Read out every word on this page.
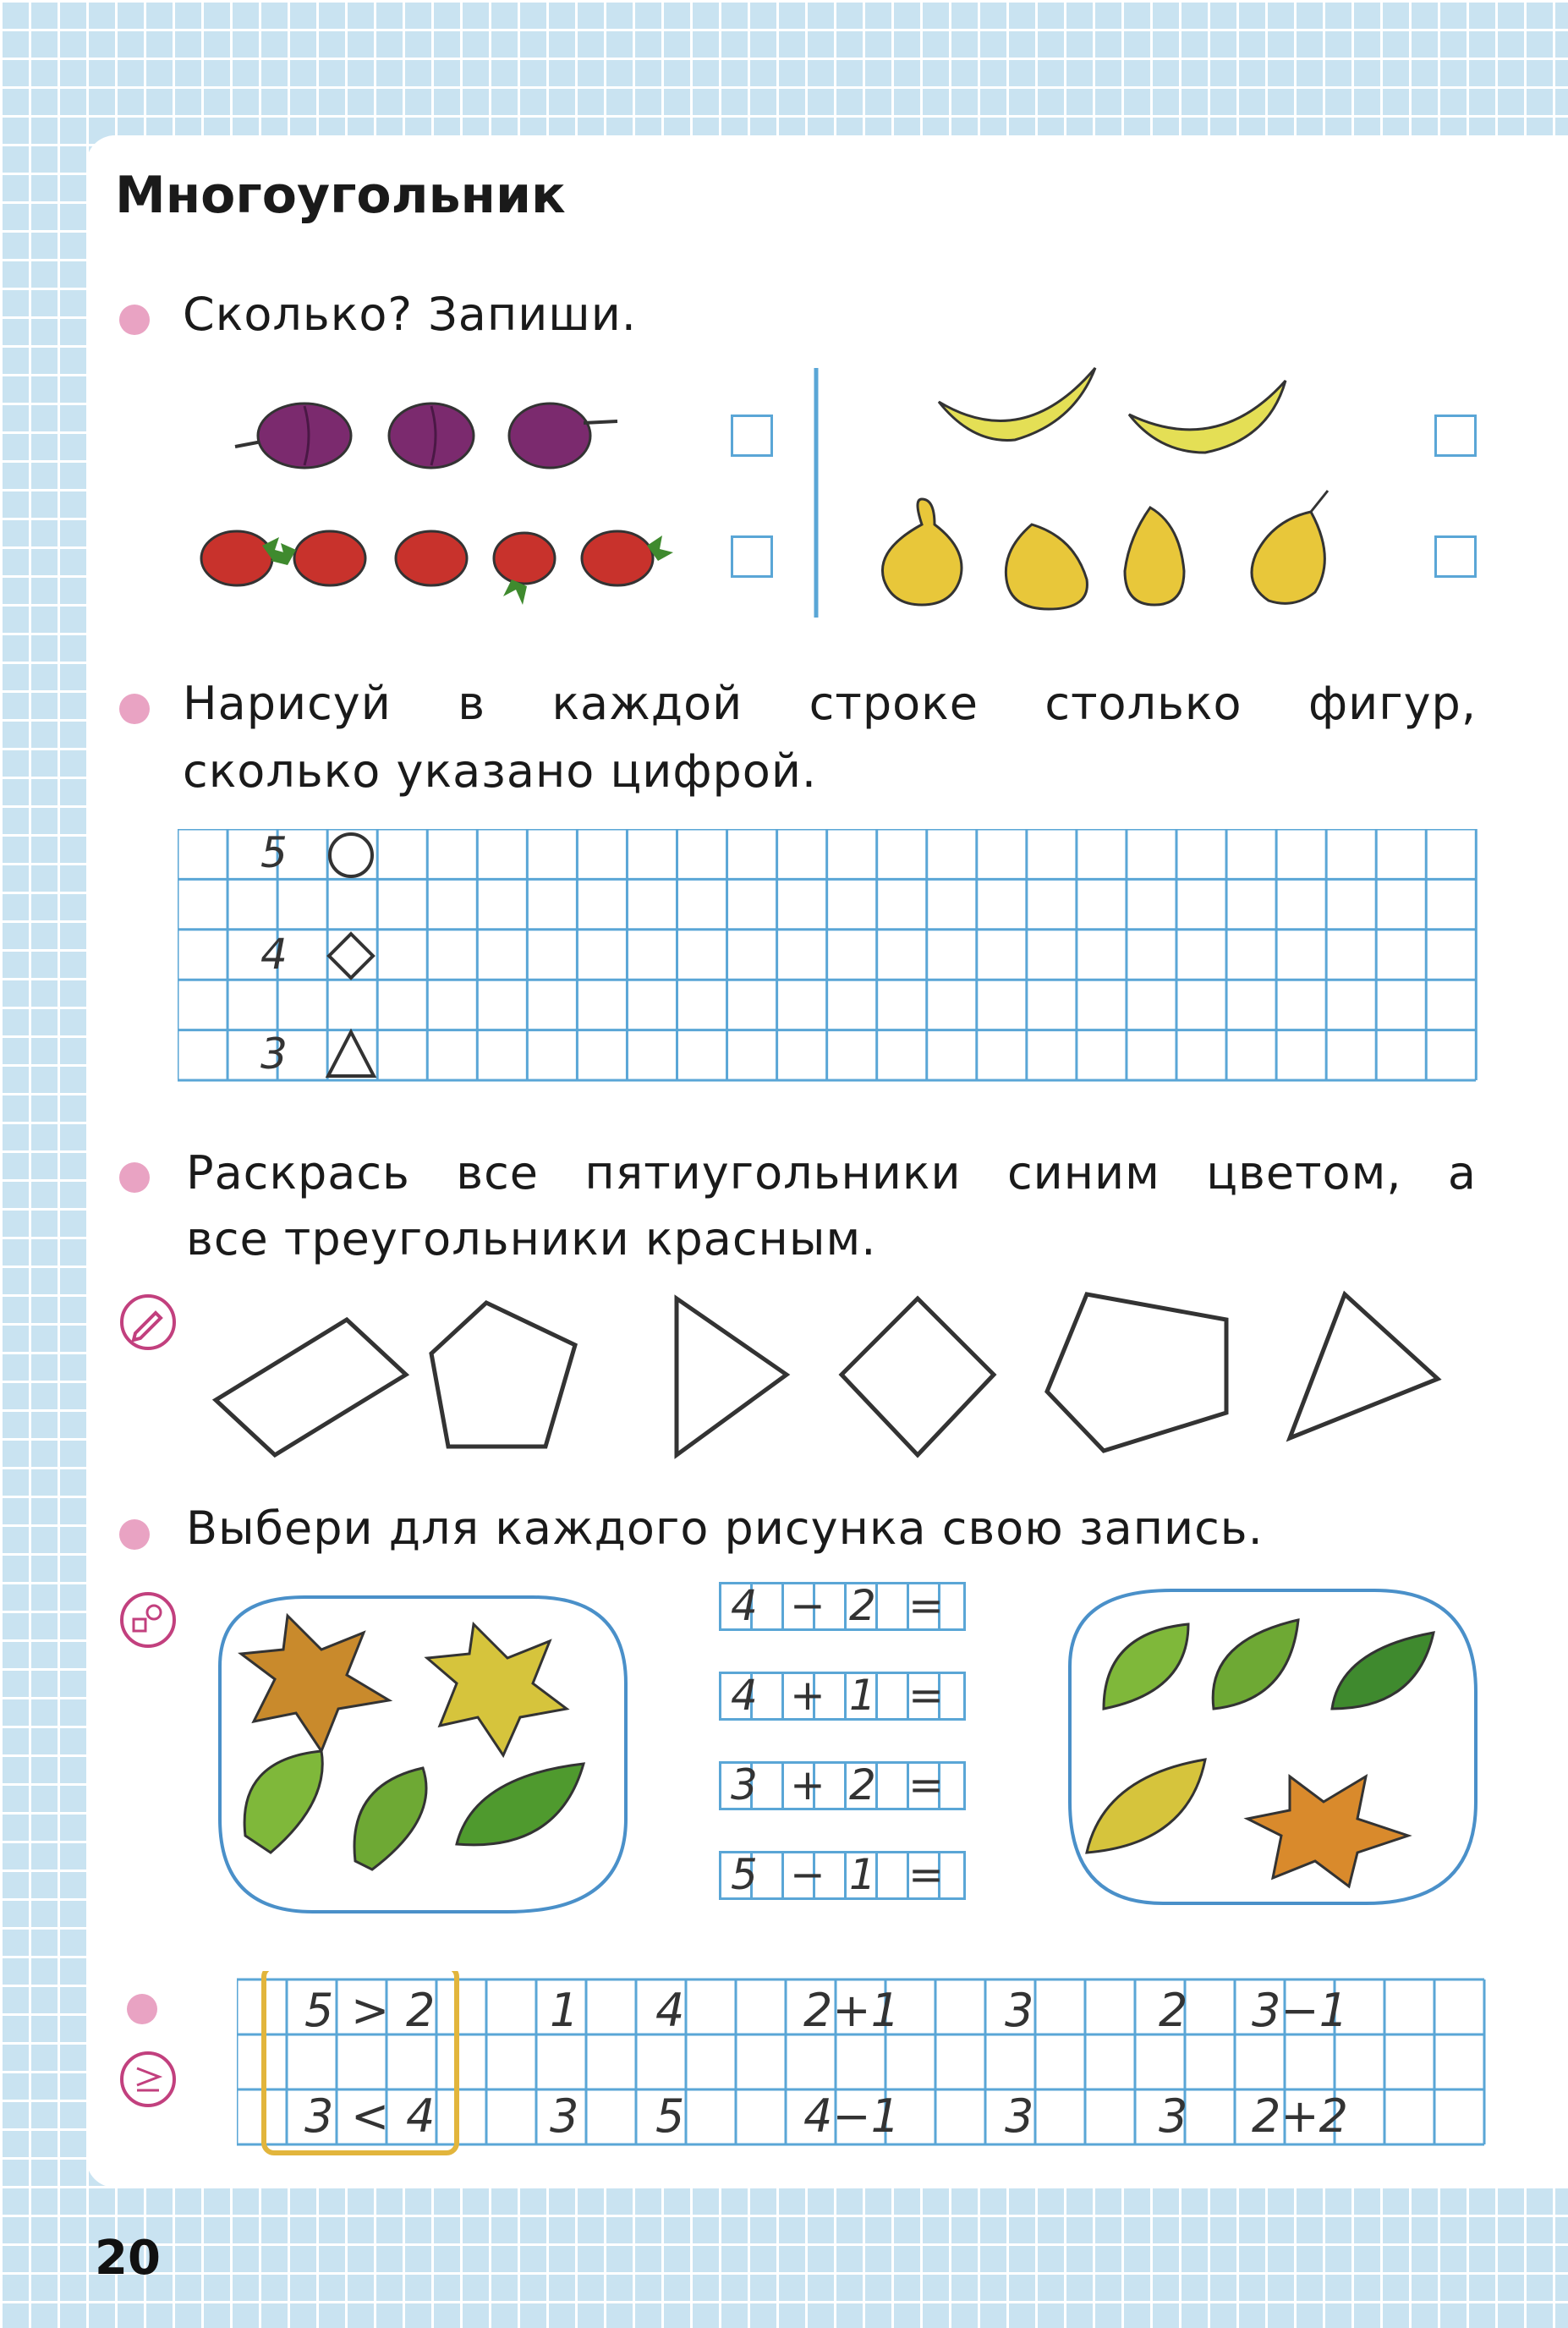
Многоугольник
Сколько? Запиши.
Нарисуй в каждой строке столько фигур,
сколько указано цифрой.
5
4
3
Раскрась все пятиугольники синим цветом, а
все треугольники красным.
Выбери для каждого рисунка свою запись.
4 − 2 =
4 + 1 =
3 + 2 =
5 − 1 =
5 > 2
3 < 4
1 4	2+1 3	2 3−1
3 5	4−1 3	3 2+2
20
